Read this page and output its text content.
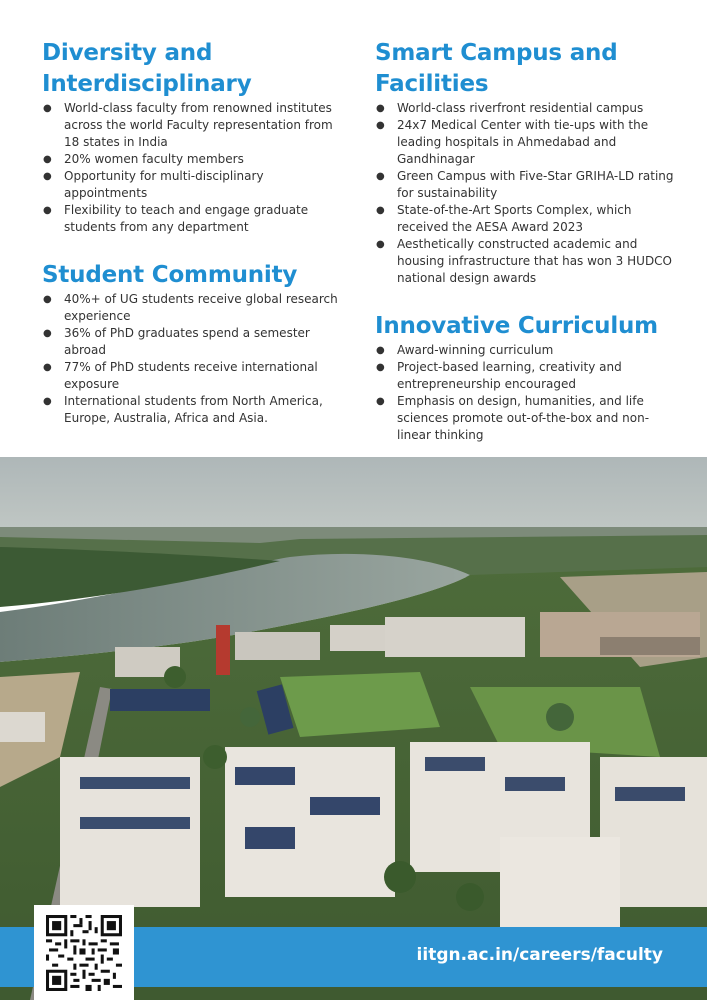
Diversity and
Interdisciplinary
● World-class faculty from renowned institutes across the world Faculty representation from 18 states in India
● 20% women faculty members
● Opportunity for multi-disciplinary appointments
● Flexibility to teach and engage graduate students from any department
Student Community
● 40%+ of UG students receive global research experience
● 36% of PhD graduates spend a semester abroad
● 77% of PhD students receive international exposure
● International students from North America, Europe, Australia, Africa and Asia.
Smart Campus and
Facilities
● World-class riverfront residential campus
● 24x7 Medical Center with tie-ups with the leading hospitals in Ahmedabad and Gandhinagar
● Green Campus with Five-Star GRIHA-LD rating for sustainability
● State-of-the-Art Sports Complex, which received the AESA Award 2023
● Aesthetically constructed academic and housing infrastructure that has won 3 HUDCO national design awards
Innovative Curriculum
● Award-winning curriculum
● Project-based learning, creativity and entrepreneurship encouraged
● Emphasis on design, humanities, and life sciences promote out-of-the-box and non-linear thinking
iitgn.ac.in/careers/faculty
